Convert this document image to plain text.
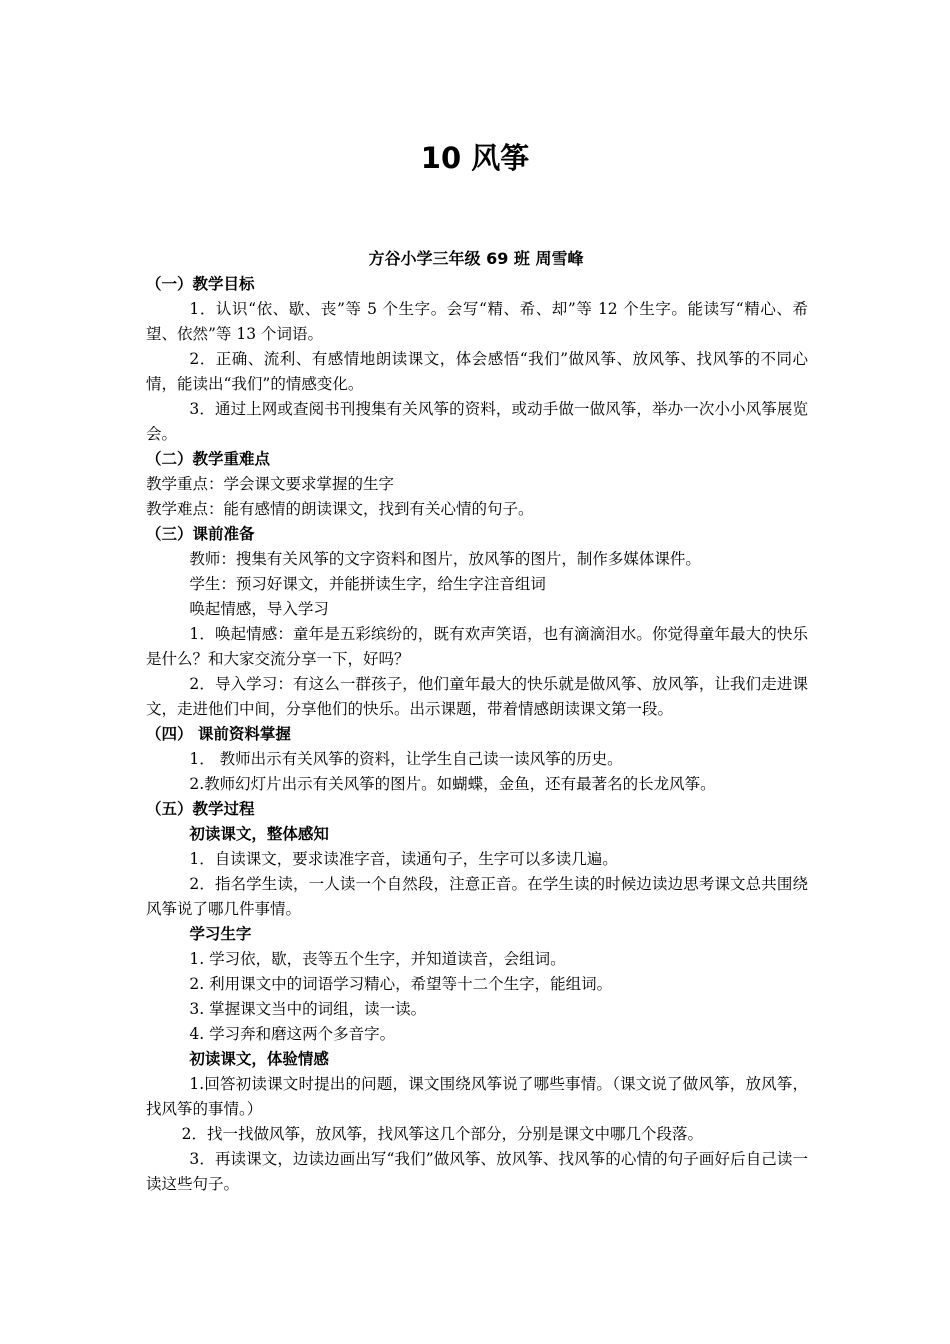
10 风筝
方谷小学三年级 69 班 周雪峰

（一）教学目标

1．认识“依、歇、丧”等 5 个生字。会写“精、希、却”等 12 个生字。能读写“精心、希望、依然”等 13 个词语。

2．正确、流利、有感情地朗读课文，体会感悟“我们”做风筝、放风筝、找风筝的不同心情，能读出“我们”的情感变化。

3．通过上网或查阅书刊搜集有关风筝的资料，或动手做一做风筝，举办一次小小风筝展览会。

（二）教学重难点

教学重点：学会课文要求掌握的生字

教学难点：能有感情的朗读课文，找到有关心情的句子。

（三）课前准备

教师：搜集有关风筝的文字资料和图片，放风筝的图片，制作多媒体课件。

学生：预习好课文，并能拼读生字，给生字注音组词

唤起情感，导入学习

1．唤起情感：童年是五彩缤纷的，既有欢声笑语，也有滴滴泪水。你觉得童年最大的快乐是什么？和大家交流分享一下，好吗？

2．导入学习：有这么一群孩子，他们童年最大的快乐就是做风筝、放风筝，让我们走进课文，走进他们中间，分享他们的快乐。出示课题，带着情感朗读课文第一段。

（四） 课前资料掌握

1． 教师出示有关风筝的资料，让学生自己读一读风筝的历史。

2.教师幻灯片出示有关风筝的图片。如蝴蝶，金鱼，还有最著名的长龙风筝。

（五）教学过程

初读课文，整体感知

1．自读课文，要求读准字音，读通句子，生字可以多读几遍。

2．指名学生读，一人读一个自然段，注意正音。在学生读的时候边读边思考课文总共围绕风筝说了哪几件事情。

学习生字

1. 学习依，歇，丧等五个生字，并知道读音，会组词。

2. 利用课文中的词语学习精心，希望等十二个生字，能组词。

3. 掌握课文当中的词组，读一读。

4. 学习奔和磨这两个多音字。

初读课文，体验情感

1.回答初读课文时提出的问题，课文围绕风筝说了哪些事情。（课文说了做风筝，放风筝，找风筝的事情。）

2．找一找做风筝，放风筝，找风筝这几个部分，分别是课文中哪几个段落。

3．再读课文，边读边画出写“我们”做风筝、放风筝、找风筝的心情的句子画好后自己读一读这些句子。
